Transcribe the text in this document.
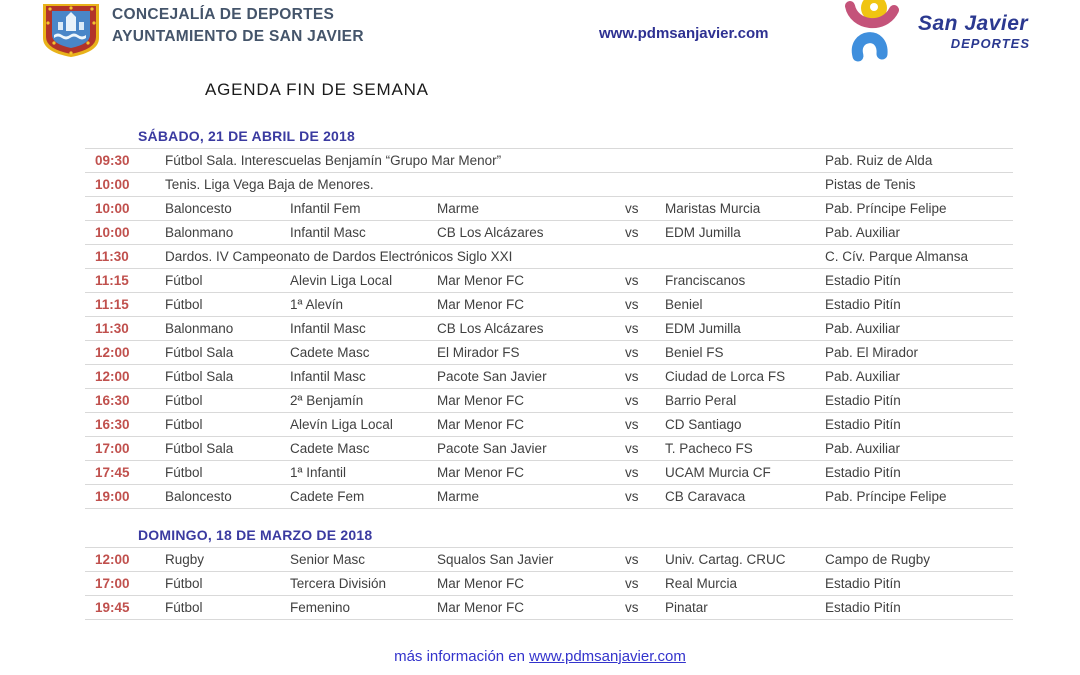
CONCEJALÍA DE DEPORTES
AYUNTAMIENTO DE SAN JAVIER	www.pdmsanjavier.com	San Javier
DEPORTES
AGENDA FIN DE SEMANA
SÁBADO, 21 DE ABRIL DE 2018
09:30	Fútbol Sala. Interescuelas Benjamín “Grupo Mar Menor”	Pab. Ruiz de Alda
10:00	Tenis. Liga Vega Baja de Menores.	Pistas de Tenis
10:00	Baloncesto	Infantil Fem	Marme	vs	Maristas Murcia	Pab. Príncipe Felipe
10:00	Balonmano	Infantil Masc	CB Los Alcázares	vs	EDM Jumilla	Pab. Auxiliar
11:30	Dardos. IV Campeonato de Dardos Electrónicos Siglo XXI	C. Cív. Parque Almansa
11:15	Fútbol	Alevin Liga Local	Mar Menor FC	vs	Franciscanos	Estadio Pitín
11:15	Fútbol	1ª Alevín	Mar Menor FC	vs	Beniel	Estadio Pitín
11:30	Balonmano	Infantil Masc	CB Los Alcázares	vs	EDM Jumilla	Pab. Auxiliar
12:00	Fútbol Sala	Cadete Masc	El Mirador FS	vs	Beniel FS	Pab. El Mirador
12:00	Fútbol Sala	Infantil Masc	Pacote San Javier	vs	Ciudad de Lorca FS	Pab. Auxiliar
16:30	Fútbol	2ª Benjamín	Mar Menor FC	vs	Barrio Peral	Estadio Pitín
16:30	Fútbol	Alevín Liga Local	Mar Menor FC	vs	CD Santiago	Estadio Pitín
17:00	Fútbol Sala	Cadete Masc	Pacote San Javier	vs	T. Pacheco FS	Pab. Auxiliar
17:45	Fútbol	1ª Infantil	Mar Menor FC	vs	UCAM Murcia CF	Estadio Pitín
19:00	Baloncesto	Cadete Fem	Marme	vs	CB Caravaca	Pab. Príncipe Felipe
DOMINGO, 18 DE MARZO DE 2018
12:00	Rugby	Senior Masc	Squalos San Javier	vs	Univ. Cartag. CRUC	Campo de Rugby
17:00	Fútbol	Tercera División	Mar Menor FC	vs	Real Murcia	Estadio Pitín
19:45	Fútbol	Femenino	Mar Menor FC	vs	Pinatar	Estadio Pitín
más información en www.pdmsanjavier.com
